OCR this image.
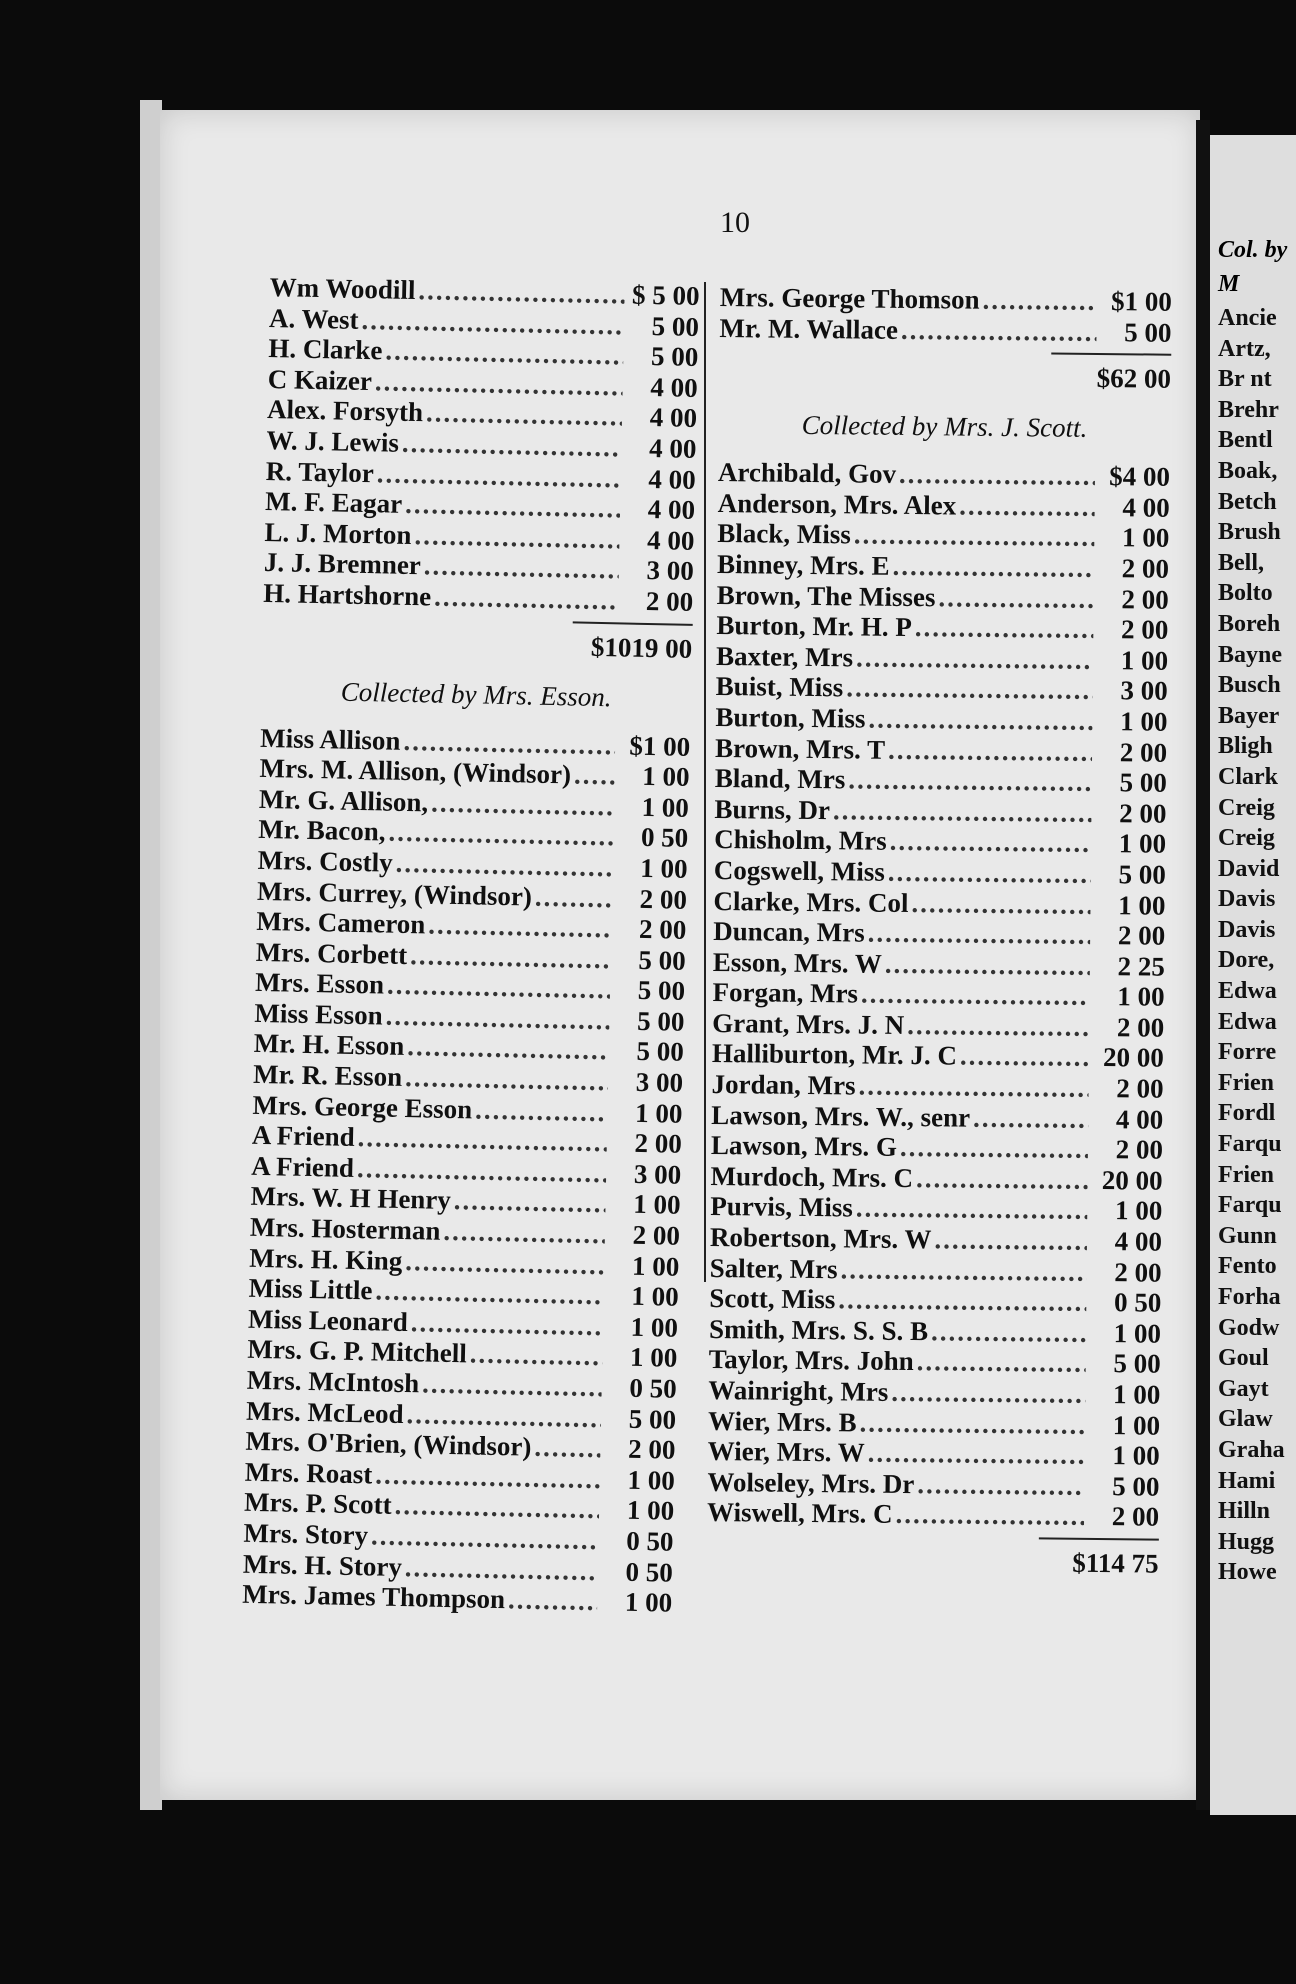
Col. by
M
Ancie
Artz,
Br nt
Brehr
Bentl
Boak,
Betch
Brush
Bell,
Bolto
Boreh
Bayne
Busch
Bayer
Bligh
Clark
Creig
Creig
David
Davis
Davis
Dore,
Edwa
Edwa
Forre
Frien
Fordl
Farqu
Frien
Farqu
Gunn
Fento
Forha
Godw
Goul
Gayt
Glaw
Graha
Hami
Hilln
Hugg
Howe
10
Wm Woodill .....	$ 5 00
A. West .....	5 00
H. Clarke .....	5 00
C Kaizer .....	4 00
Alex. Forsyth .....	4 00
W. J. Lewis .....	4 00
R. Taylor .....	4 00
M. F. Eagar .....	4 00
L. J. Morton .....	4 00
J. J. Bremner .....	3 00
H. Hartshorne .....	2 00
$1019 00
Collected by Mrs. Esson.
Miss Allison .....	$1 00
Mrs. M. Allison, (Windsor) .....	1 00
Mr. G. Allison, .....	1 00
Mr. Bacon, .....	0 50
Mrs. Costly .....	1 00
Mrs. Currey, (Windsor) .....	2 00
Mrs. Cameron .....	2 00
Mrs. Corbett .....	5 00
Mrs. Esson .....	5 00
Miss Esson .....	5 00
Mr. H. Esson .....	5 00
Mr. R. Esson .....	3 00
Mrs. George Esson .....	1 00
A Friend .....	2 00
A Friend .....	3 00
Mrs. W. H Henry .....	1 00
Mrs. Hosterman .....	2 00
Mrs. H. King .....	1 00
Miss Little .....	1 00
Miss Leonard .....	1 00
Mrs. G. P. Mitchell .....	1 00
Mrs. McIntosh .....	0 50
Mrs. McLeod .....	5 00
Mrs. O'Brien, (Windsor) .....	2 00
Mrs. Roast .....	1 00
Mrs. P. Scott .....	1 00
Mrs. Story .....	0 50
Mrs. H. Story .....	0 50
Mrs. James Thompson .....	1 00
Mrs. George Thomson .....	$1 00
Mr. M. Wallace .....	5 00
$62 00
Collected by Mrs. J. Scott.
Archibald, Gov .....	$4 00
Anderson, Mrs. Alex .....	4 00
Black, Miss .....	1 00
Binney, Mrs. E .....	2 00
Brown, The Misses .....	2 00
Burton, Mr. H. P .....	2 00
Baxter, Mrs .....	1 00
Buist, Miss .....	3 00
Burton, Miss .....	1 00
Brown, Mrs. T .....	2 00
Bland, Mrs .....	5 00
Burns, Dr .....	2 00
Chisholm, Mrs .....	1 00
Cogswell, Miss .....	5 00
Clarke, Mrs. Col .....	1 00
Duncan, Mrs .....	2 00
Esson, Mrs. W .....	2 25
Forgan, Mrs .....	1 00
Grant, Mrs. J. N .....	2 00
Halliburton, Mr. J. C .....	20 00
Jordan, Mrs .....	2 00
Lawson, Mrs. W., senr .....	4 00
Lawson, Mrs. G .....	2 00
Murdoch, Mrs. C .....	20 00
Purvis, Miss .....	1 00
Robertson, Mrs. W .....	4 00
Salter, Mrs .....	2 00
Scott, Miss .....	0 50
Smith, Mrs. S. S. B .....	1 00
Taylor, Mrs. John .....	5 00
Wainright, Mrs .....	1 00
Wier, Mrs. B .....	1 00
Wier, Mrs. W .....	1 00
Wolseley, Mrs. Dr .....	5 00
Wiswell, Mrs. C .....	2 00
$114 75
